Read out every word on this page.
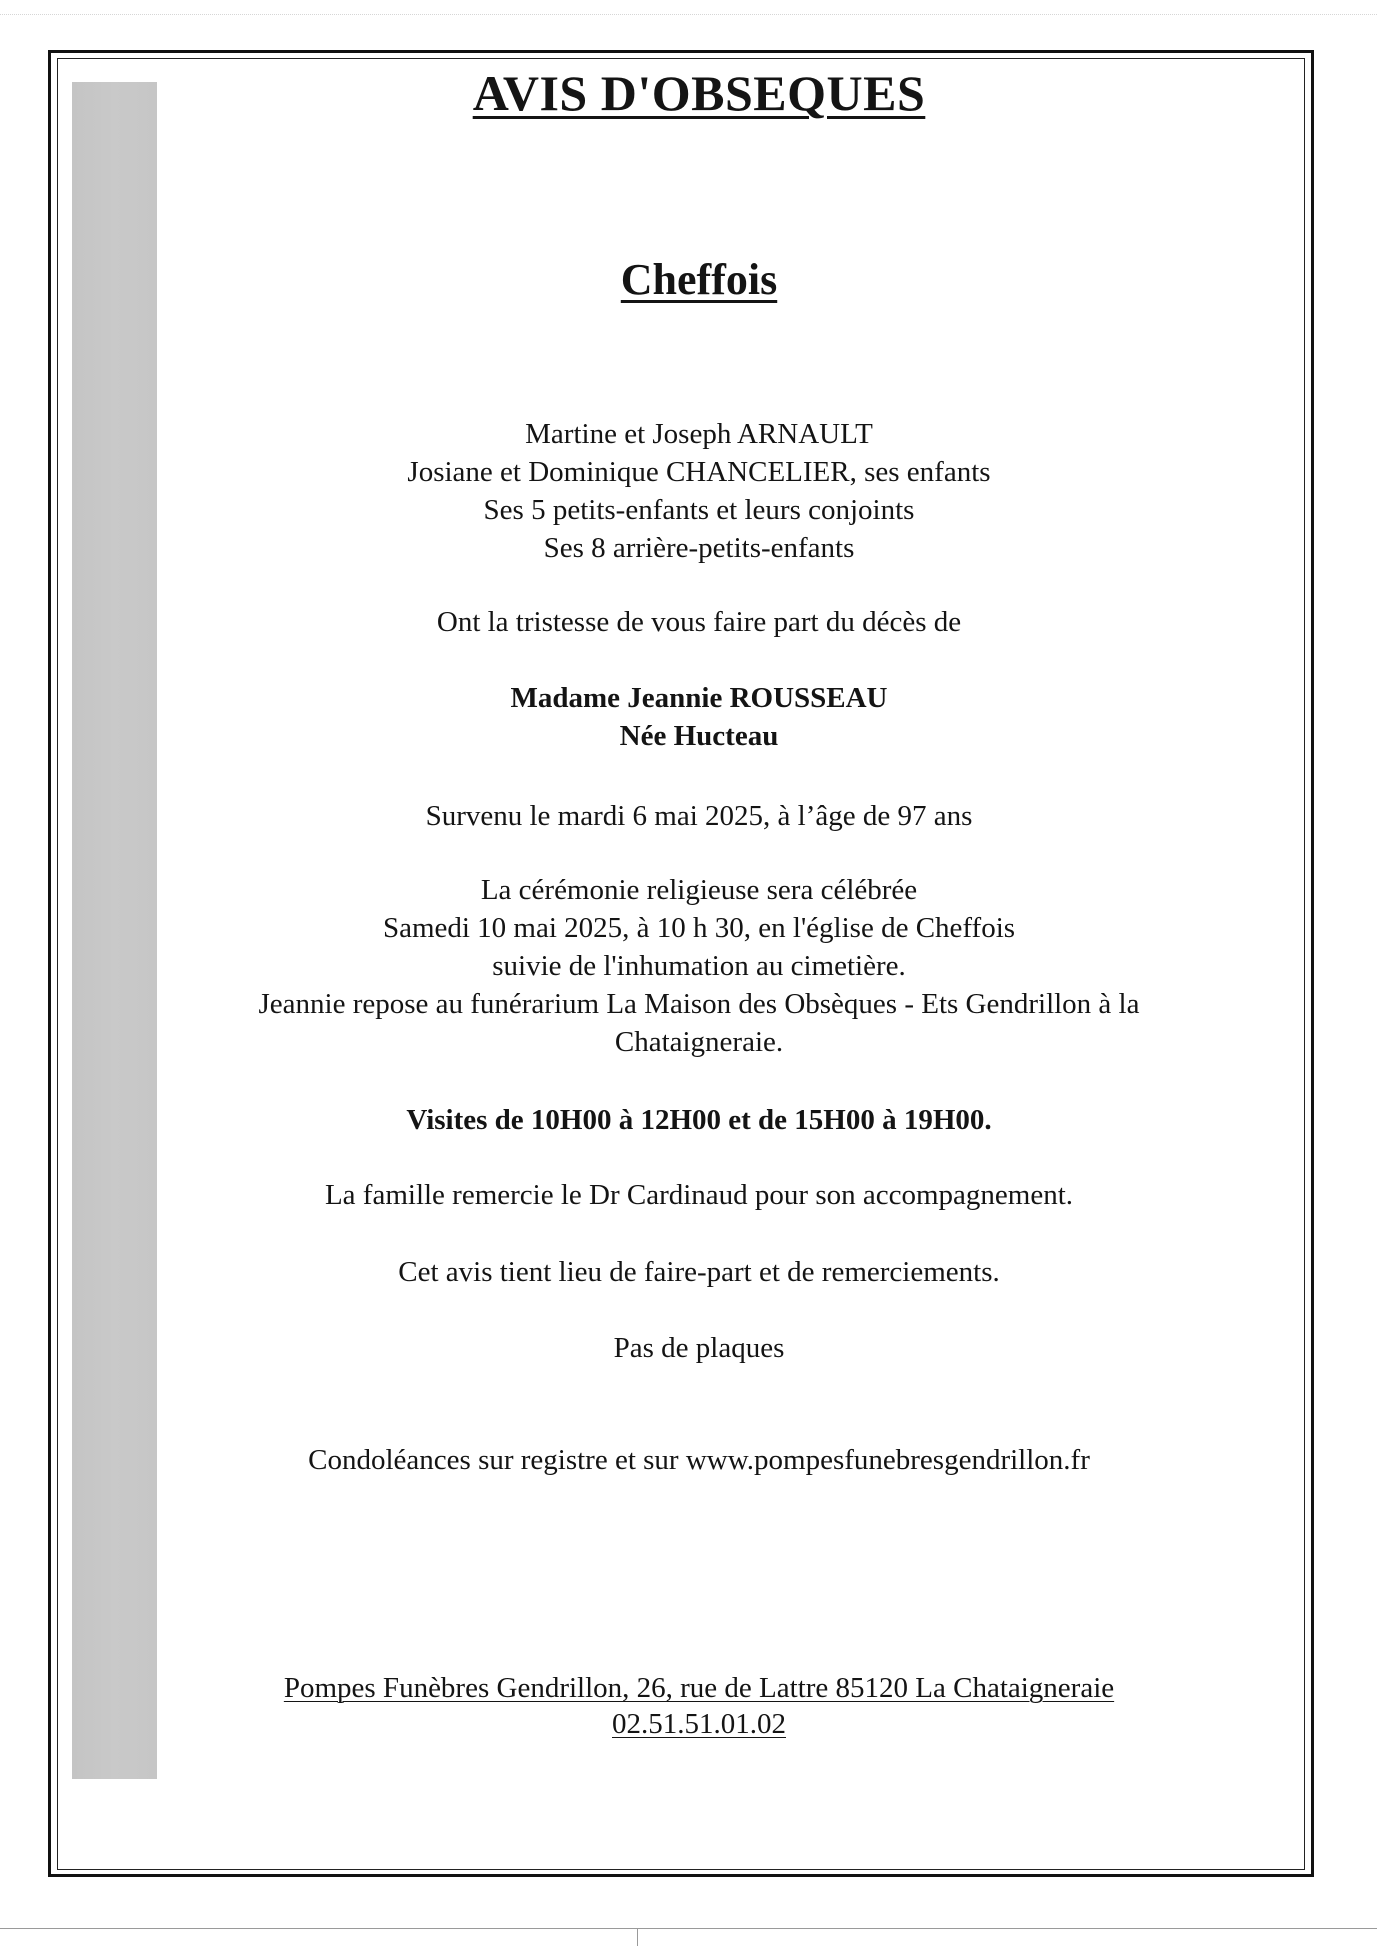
AVIS D'OBSEQUES
Cheffois
Martine et Joseph ARNAULT
Josiane et Dominique CHANCELIER, ses enfants
Ses 5 petits-enfants et leurs conjoints
Ses 8 arrière-petits-enfants
Ont la tristesse de vous faire part du décès de
Madame Jeannie ROUSSEAU
Née Hucteau
Survenu le mardi 6 mai 2025, à l’âge de 97 ans
La cérémonie religieuse sera célébrée
Samedi 10 mai 2025, à 10 h 30, en l'église de Cheffois
suivie de l'inhumation au cimetière.
Jeannie repose au funérarium La Maison des Obsèques - Ets Gendrillon à la
Chataigneraie.
Visites de 10H00 à 12H00 et de 15H00 à 19H00.
La famille remercie le Dr Cardinaud pour son accompagnement.
Cet avis tient lieu de faire-part et de remerciements.
Pas de plaques
Condoléances sur registre et sur www.pompesfunebresgendrillon.fr
Pompes Funèbres Gendrillon, 26, rue de Lattre 85120 La Chataigneraie
02.51.51.01.02
